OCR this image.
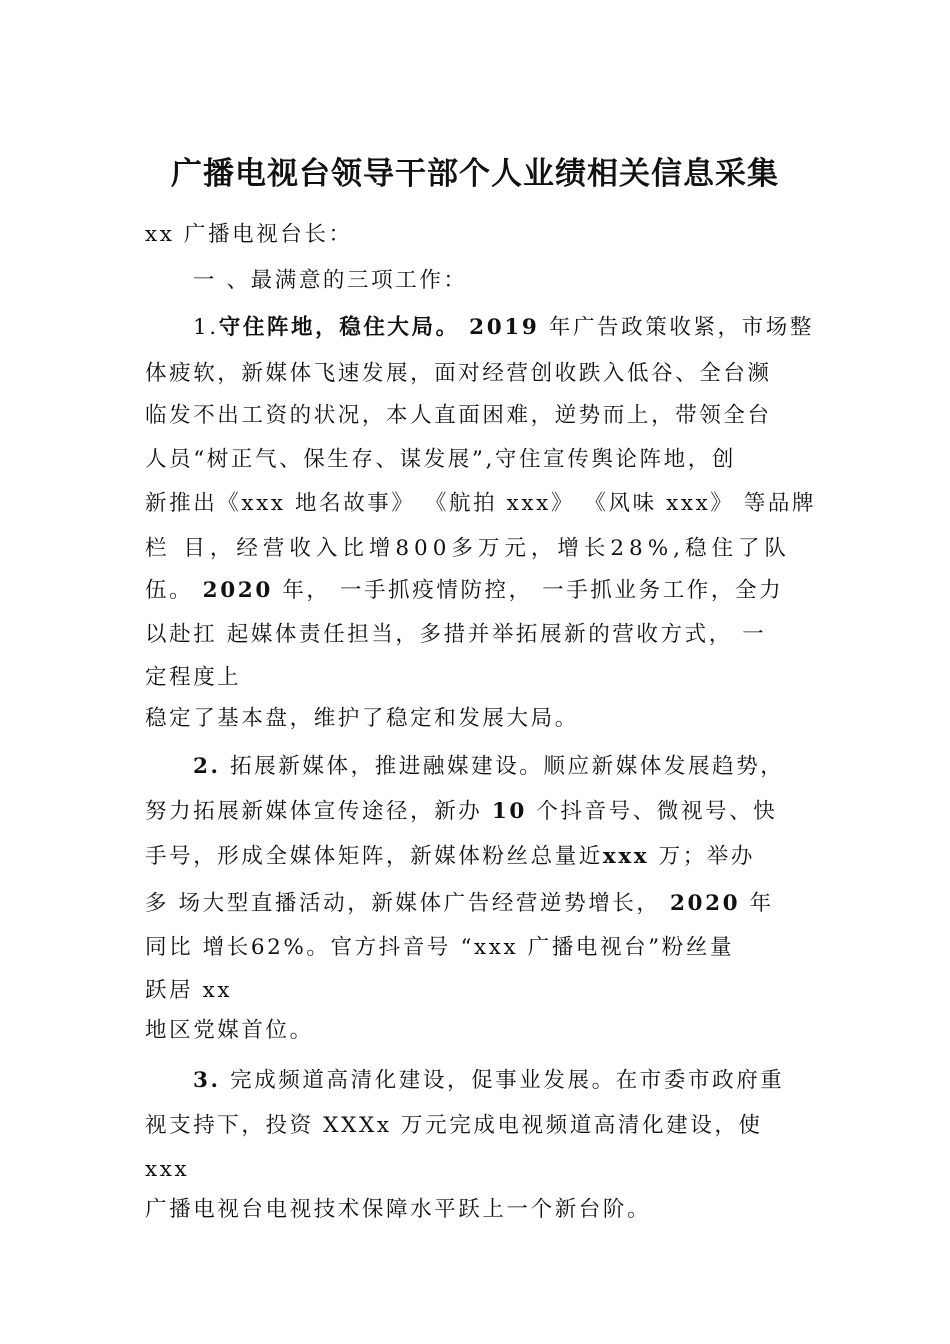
广播电视台领导干部个人业绩相关信息采集
xx 广播电视台长：
一 、最满意的三项工作：
1.守住阵地，稳住大局。 2019 年广告政策收紧，市场整
体疲软，新媒体飞速发展，面对经营创收跌入低谷、全台濒
临发不出工资的状况，本人直面困难，逆势而上，带领全台
人员“树正气、保生存、谋发展”,守住宣传舆论阵地，创
新推出《xxx 地名故事》 《航拍 xxx》 《风味 xxx》 等品牌
栏 目，经营收入比增800多万元，增长28%,稳住了队
伍。 2020 年， 一手抓疫情防控， 一手抓业务工作，全力
以赴扛 起媒体责任担当，多措并举拓展新的营收方式， 一
定程度上
稳定了基本盘，维护了稳定和发展大局。
2. 拓展新媒体，推进融媒建设。顺应新媒体发展趋势，
努力拓展新媒体宣传途径，新办 10 个抖音号、微视号、快
手号，形成全媒体矩阵，新媒体粉丝总量近xxx 万；举办
多 场大型直播活动，新媒体广告经营逆势增长， 2020 年
同比 增长62%。官方抖音号 “xxx 广播电视台”粉丝量
跃居 xx
地区党媒首位。
3. 完成频道高清化建设，促事业发展。在市委市政府重
视支持下，投资 XXXx 万元完成电视频道高清化建设，使
xxx
广播电视台电视技术保障水平跃上一个新台阶。
